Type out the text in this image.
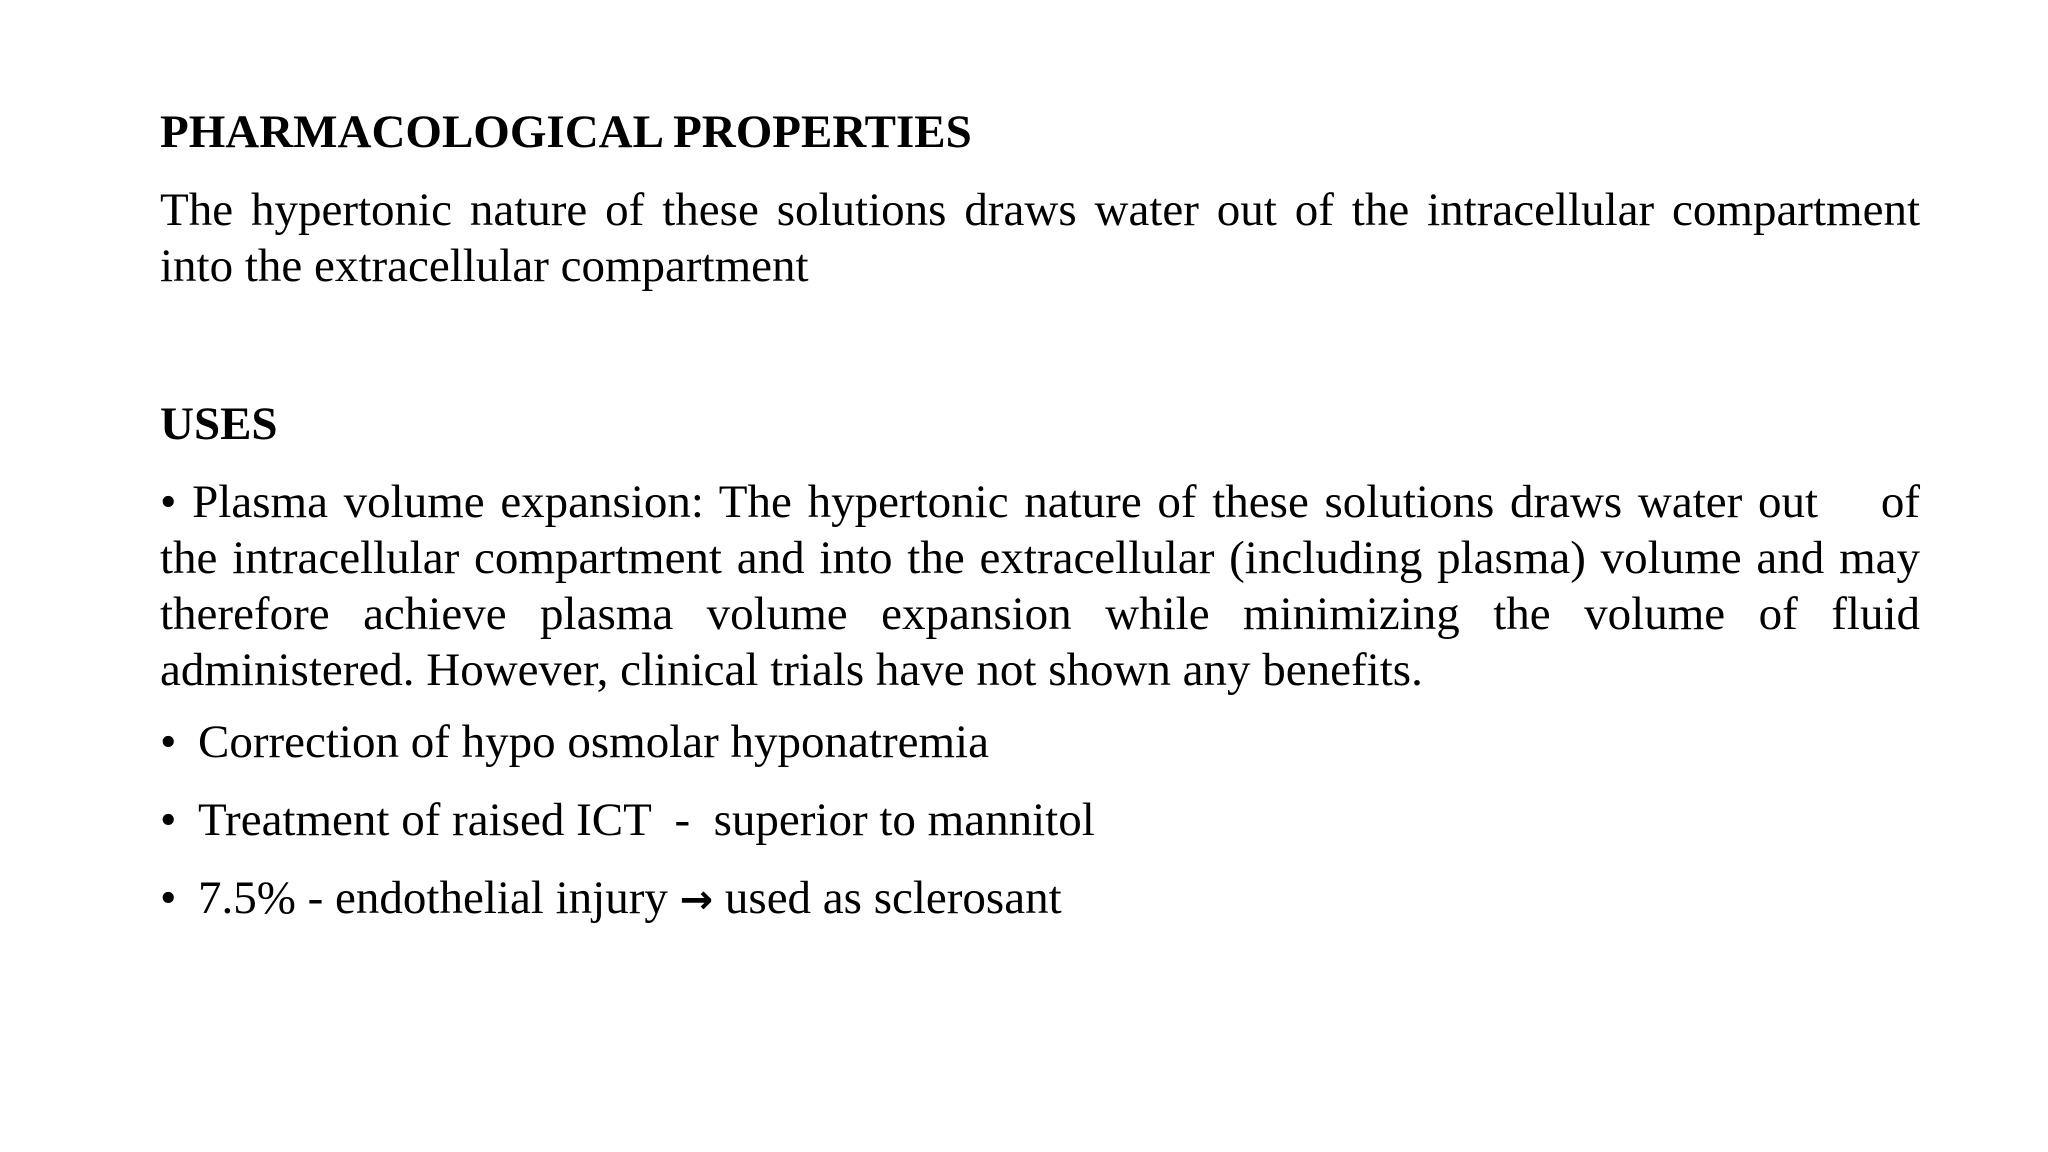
PHARMACOLOGICAL PROPERTIES

The hypertonic nature of these solutions draws water out of the intracellular compartment into the extracellular compartment

USES

• Plasma volume expansion: The hypertonic nature of these solutions draws water out    of the intracellular compartment and into the extracellular (including plasma) volume and may therefore achieve plasma volume expansion while minimizing the volume of fluid administered. However, clinical trials have not shown any benefits.

• Correction of hypo osmolar hyponatremia
• Treatment of raised ICT  -  superior to mannitol
• 7.5% - endothelial injury → used as sclerosant
